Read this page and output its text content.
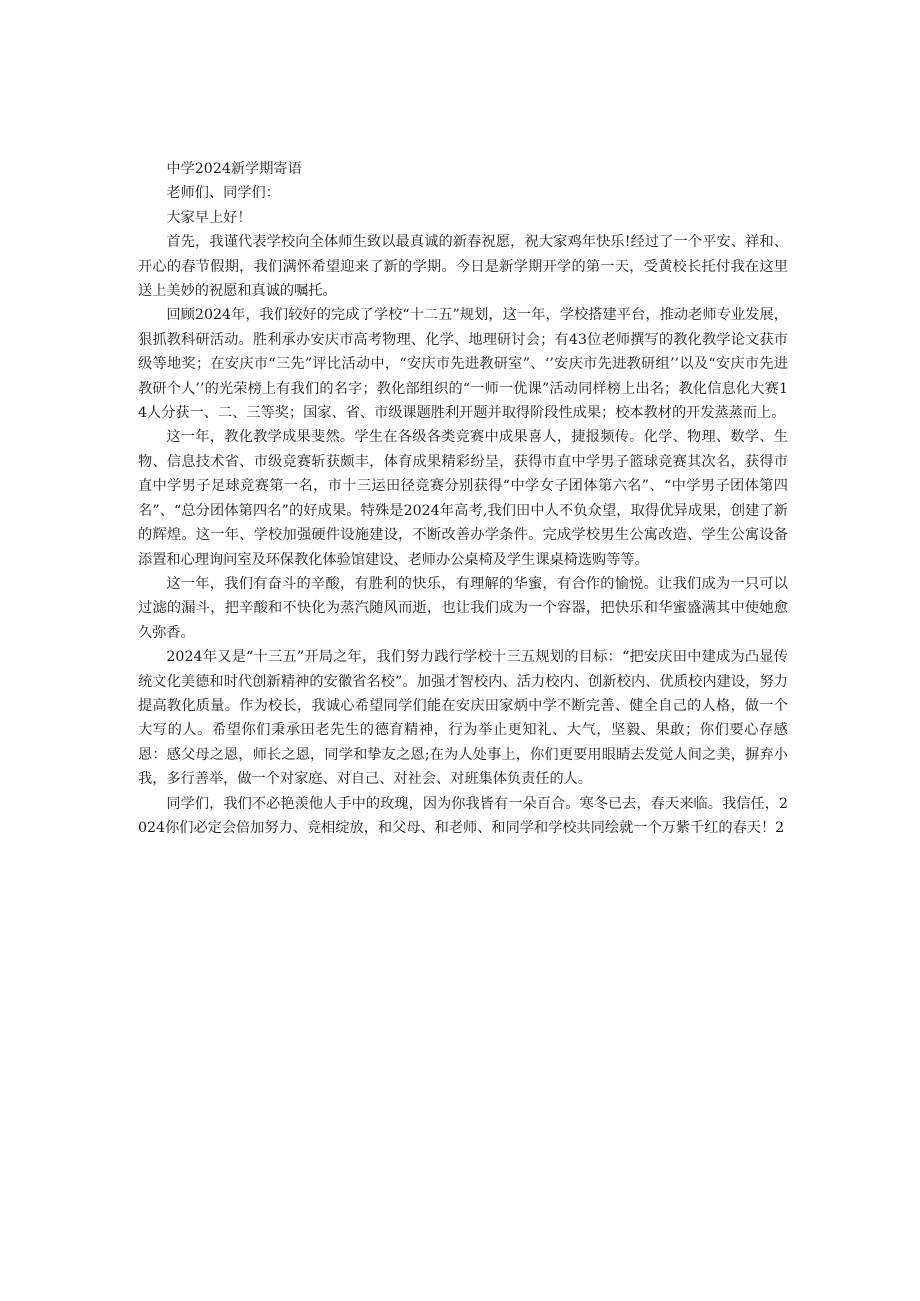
中学2024新学期寄语

老师们、同学们：

大家早上好！

首先，我谨代表学校向全体师生致以最真诚的新春祝愿，祝大家鸡年快乐!经过了一个平安、祥和、开心的春节假期，我们满怀希望迎来了新的学期。今日是新学期开学的第一天，受黄校长托付我在这里送上美妙的祝愿和真诚的嘱托。

回顾2024年，我们较好的完成了学校“十二五”规划，这一年，学校搭建平台，推动老师专业发展，狠抓教科研活动。胜利承办安庆市高考物理、化学、地理研讨会；有43位老师撰写的教化教学论文获市级等地奖；在安庆市“三先”评比活动中，“安庆市先进教研室”、‘’安庆市先进教研组’’以及“安庆市先进教研个人’’的光荣榜上有我们的名字；教化部组织的“一师一优课”活动同样榜上出名；教化信息化大赛14人分获一、二、三等奖；国家、省、市级课题胜利开题并取得阶段性成果；校本教材的开发蒸蒸而上。

这一年，教化教学成果斐然。学生在各级各类竞赛中成果喜人，捷报频传。化学、物理、数学、生物、信息技术省、市级竞赛斩获颇丰，体育成果精彩纷呈，获得市直中学男子篮球竞赛其次名，获得市直中学男子足球竞赛第一名，市十三运田径竞赛分别获得“中学女子团体第六名”、“中学男子团体第四名”、“总分团体第四名”的好成果。特殊是2024年高考,我们田中人不负众望，取得优异成果，创建了新的辉煌。这一年、学校加强硬件设施建设，不断改善办学条件。完成学校男生公寓改造、学生公寓设备添置和心理询问室及环保教化体验馆建设、老师办公桌椅及学生课桌椅选购等等。

这一年，我们有奋斗的辛酸，有胜利的快乐，有理解的华蜜，有合作的愉悦。让我们成为一只可以过滤的漏斗，把辛酸和不快化为蒸汽随风而逝，也让我们成为一个容器，把快乐和华蜜盛满其中使她愈久弥香。

2024年又是“十三五”开局之年，我们努力践行学校十三五规划的目标：“把安庆田中建成为凸显传统文化美德和时代创新精神的安徽省名校”。加强才智校内、活力校内、创新校内、优质校内建设，努力提高教化质量。作为校长，我诚心希望同学们能在安庆田家炳中学不断完善、健全自己的人格，做一个大写的人。希望你们秉承田老先生的德育精神，行为举止更知礼、大气，坚毅、果敢；你们要心存感恩：感父母之恩，师长之恩，同学和挚友之恩;在为人处事上，你们更要用眼睛去发觉人间之美，摒弃小我，多行善举，做一个对家庭、对自己、对社会、对班集体负责任的人。

同学们，我们不必艳羡他人手中的玫瑰，因为你我皆有一朵百合。寒冬已去，春天来临。我信任，2024你们必定会倍加努力、竞相绽放，和父母、和老师、和同学和学校共同绘就一个万紫千红的春天！2
